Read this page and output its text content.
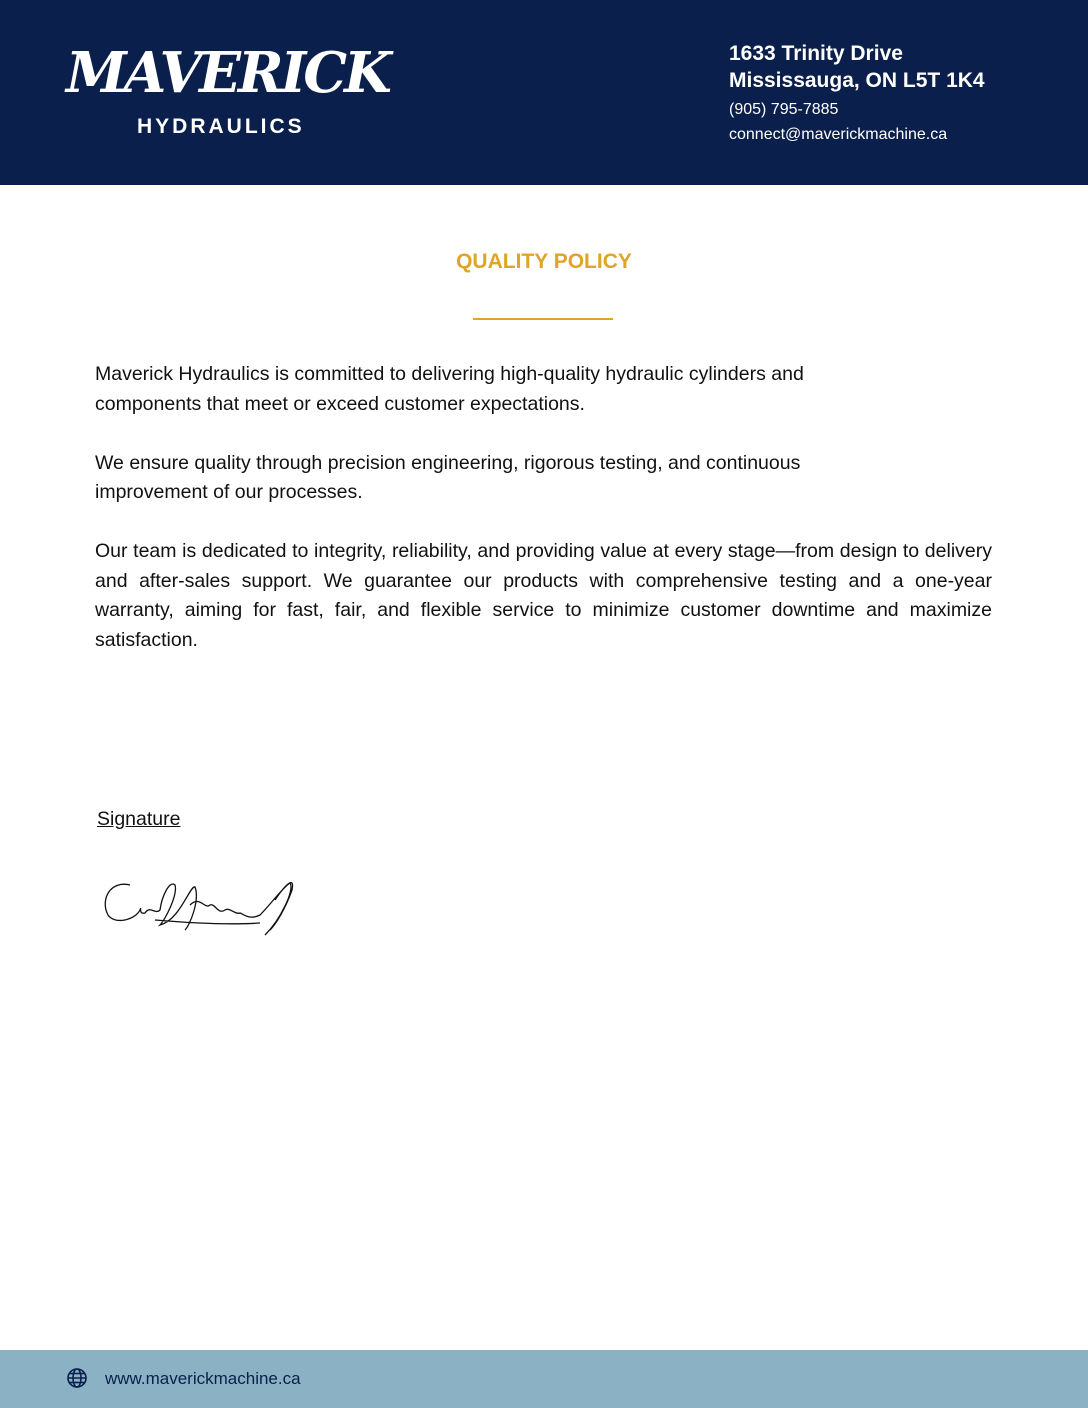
MAVERICK
HYDRAULICS
1633 Trinity Drive
Mississauga, ON L5T 1K4
(905) 795-7885
connect@maverickmachine.ca
QUALITY POLICY

Maverick Hydraulics is committed to delivering high-quality hydraulic cylinders and components that meet or exceed customer expectations.

We ensure quality through precision engineering, rigorous testing, and continuous improvement of our processes.

Our team is dedicated to integrity, reliability, and providing value at every stage—from design to delivery and after-sales support. We guarantee our products with comprehensive testing and a one-year warranty, aiming for fast, fair, and flexible service to minimize customer downtime and maximize satisfaction.

Signature
www.maverickmachine.ca
